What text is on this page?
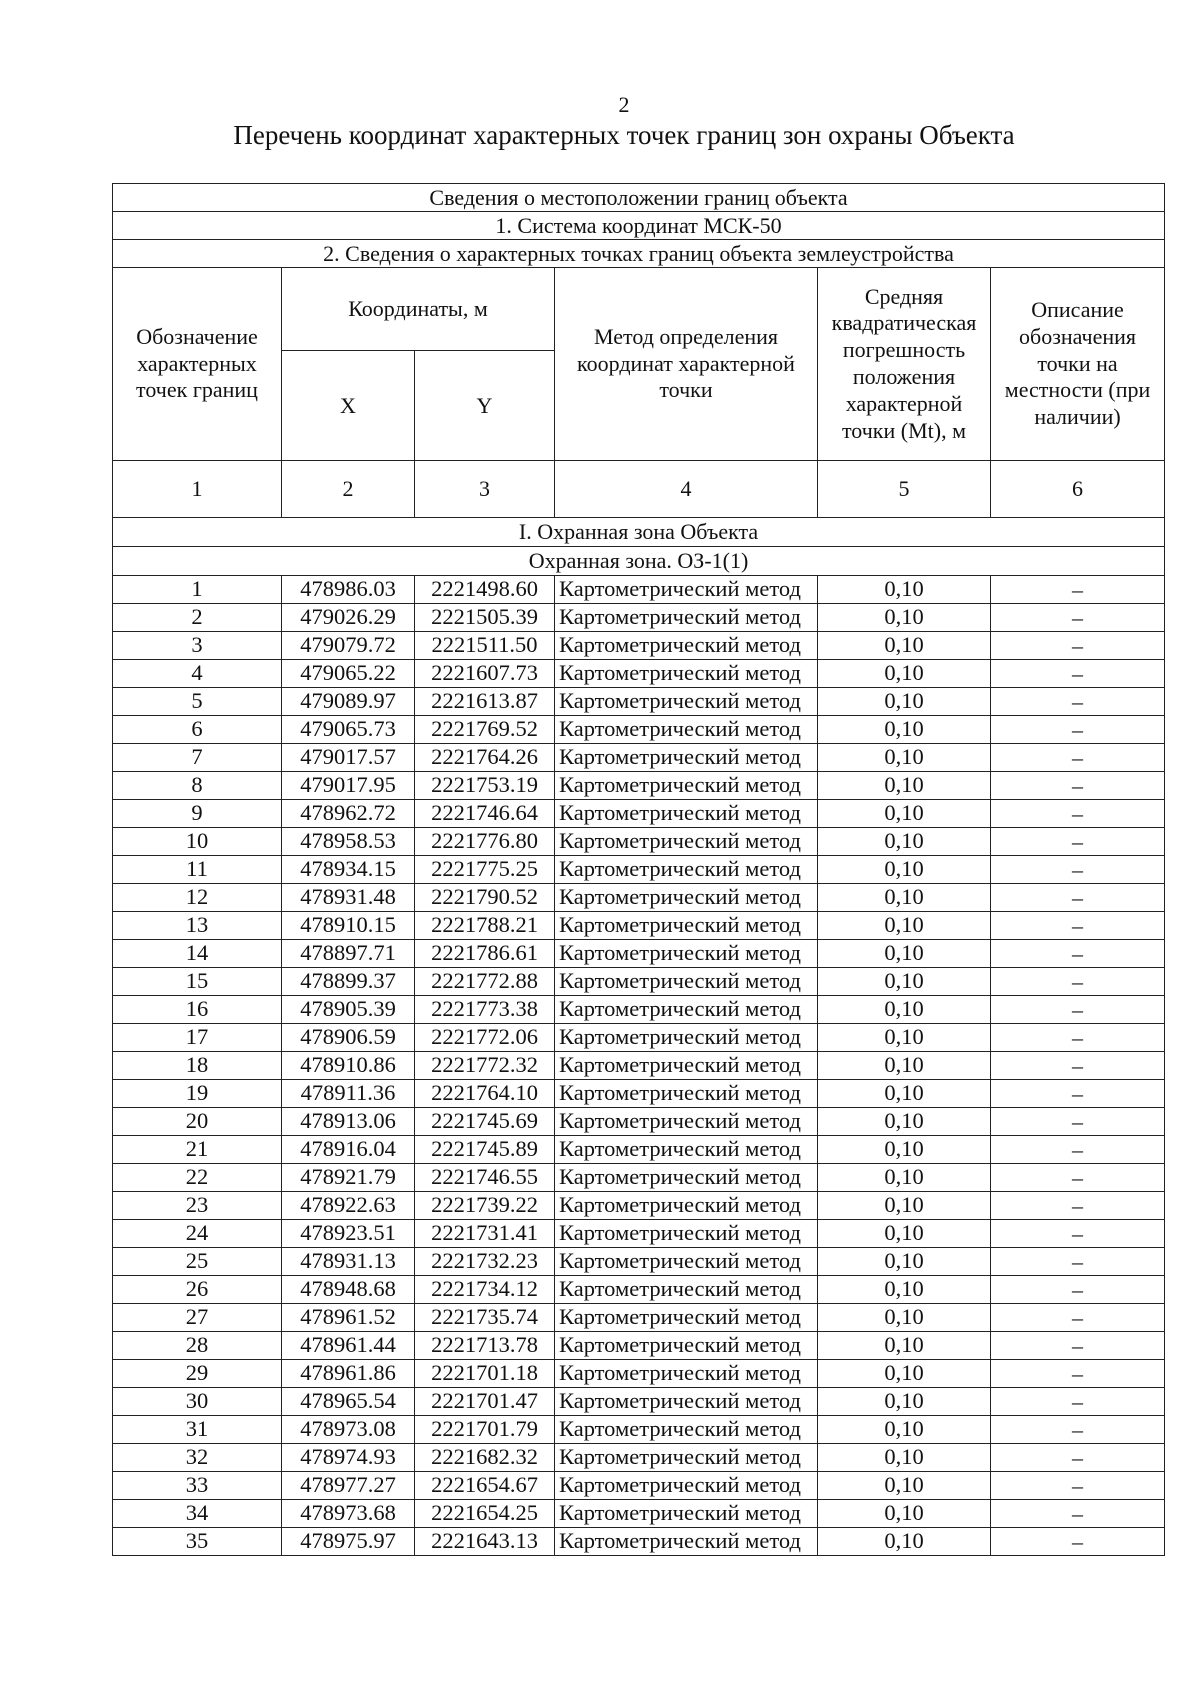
2
Перечень координат характерных точек границ зон охраны Объекта
Сведения о местоположении границ объекта					
1. Система координат МСК-50					
2. Сведения о характерных точках границ объекта землеустройства					
Обозначение характерных точек границ	Координаты, м		Метод определения координат характерной точки	Средняя квадратическая погрешность положения характерной точки (Mt), м	Описание обозначения точки на местности (при наличии)
	X	Y			
1	2	3	4	5	6
I. Охранная зона Объекта					
Охранная зона. ОЗ-1(1)					
1	478986.03	2221498.60	Картометрический метод	0,10	–
2	479026.29	2221505.39	Картометрический метод	0,10	–
3	479079.72	2221511.50	Картометрический метод	0,10	–
4	479065.22	2221607.73	Картометрический метод	0,10	–
5	479089.97	2221613.87	Картометрический метод	0,10	–
6	479065.73	2221769.52	Картометрический метод	0,10	–
7	479017.57	2221764.26	Картометрический метод	0,10	–
8	479017.95	2221753.19	Картометрический метод	0,10	–
9	478962.72	2221746.64	Картометрический метод	0,10	–
10	478958.53	2221776.80	Картометрический метод	0,10	–
11	478934.15	2221775.25	Картометрический метод	0,10	–
12	478931.48	2221790.52	Картометрический метод	0,10	–
13	478910.15	2221788.21	Картометрический метод	0,10	–
14	478897.71	2221786.61	Картометрический метод	0,10	–
15	478899.37	2221772.88	Картометрический метод	0,10	–
16	478905.39	2221773.38	Картометрический метод	0,10	–
17	478906.59	2221772.06	Картометрический метод	0,10	–
18	478910.86	2221772.32	Картометрический метод	0,10	–
19	478911.36	2221764.10	Картометрический метод	0,10	–
20	478913.06	2221745.69	Картометрический метод	0,10	–
21	478916.04	2221745.89	Картометрический метод	0,10	–
22	478921.79	2221746.55	Картометрический метод	0,10	–
23	478922.63	2221739.22	Картометрический метод	0,10	–
24	478923.51	2221731.41	Картометрический метод	0,10	–
25	478931.13	2221732.23	Картометрический метод	0,10	–
26	478948.68	2221734.12	Картометрический метод	0,10	–
27	478961.52	2221735.74	Картометрический метод	0,10	–
28	478961.44	2221713.78	Картометрический метод	0,10	–
29	478961.86	2221701.18	Картометрический метод	0,10	–
30	478965.54	2221701.47	Картометрический метод	0,10	–
31	478973.08	2221701.79	Картометрический метод	0,10	–
32	478974.93	2221682.32	Картометрический метод	0,10	–
33	478977.27	2221654.67	Картометрический метод	0,10	–
34	478973.68	2221654.25	Картометрический метод	0,10	–
35	478975.97	2221643.13	Картометрический метод	0,10	–
